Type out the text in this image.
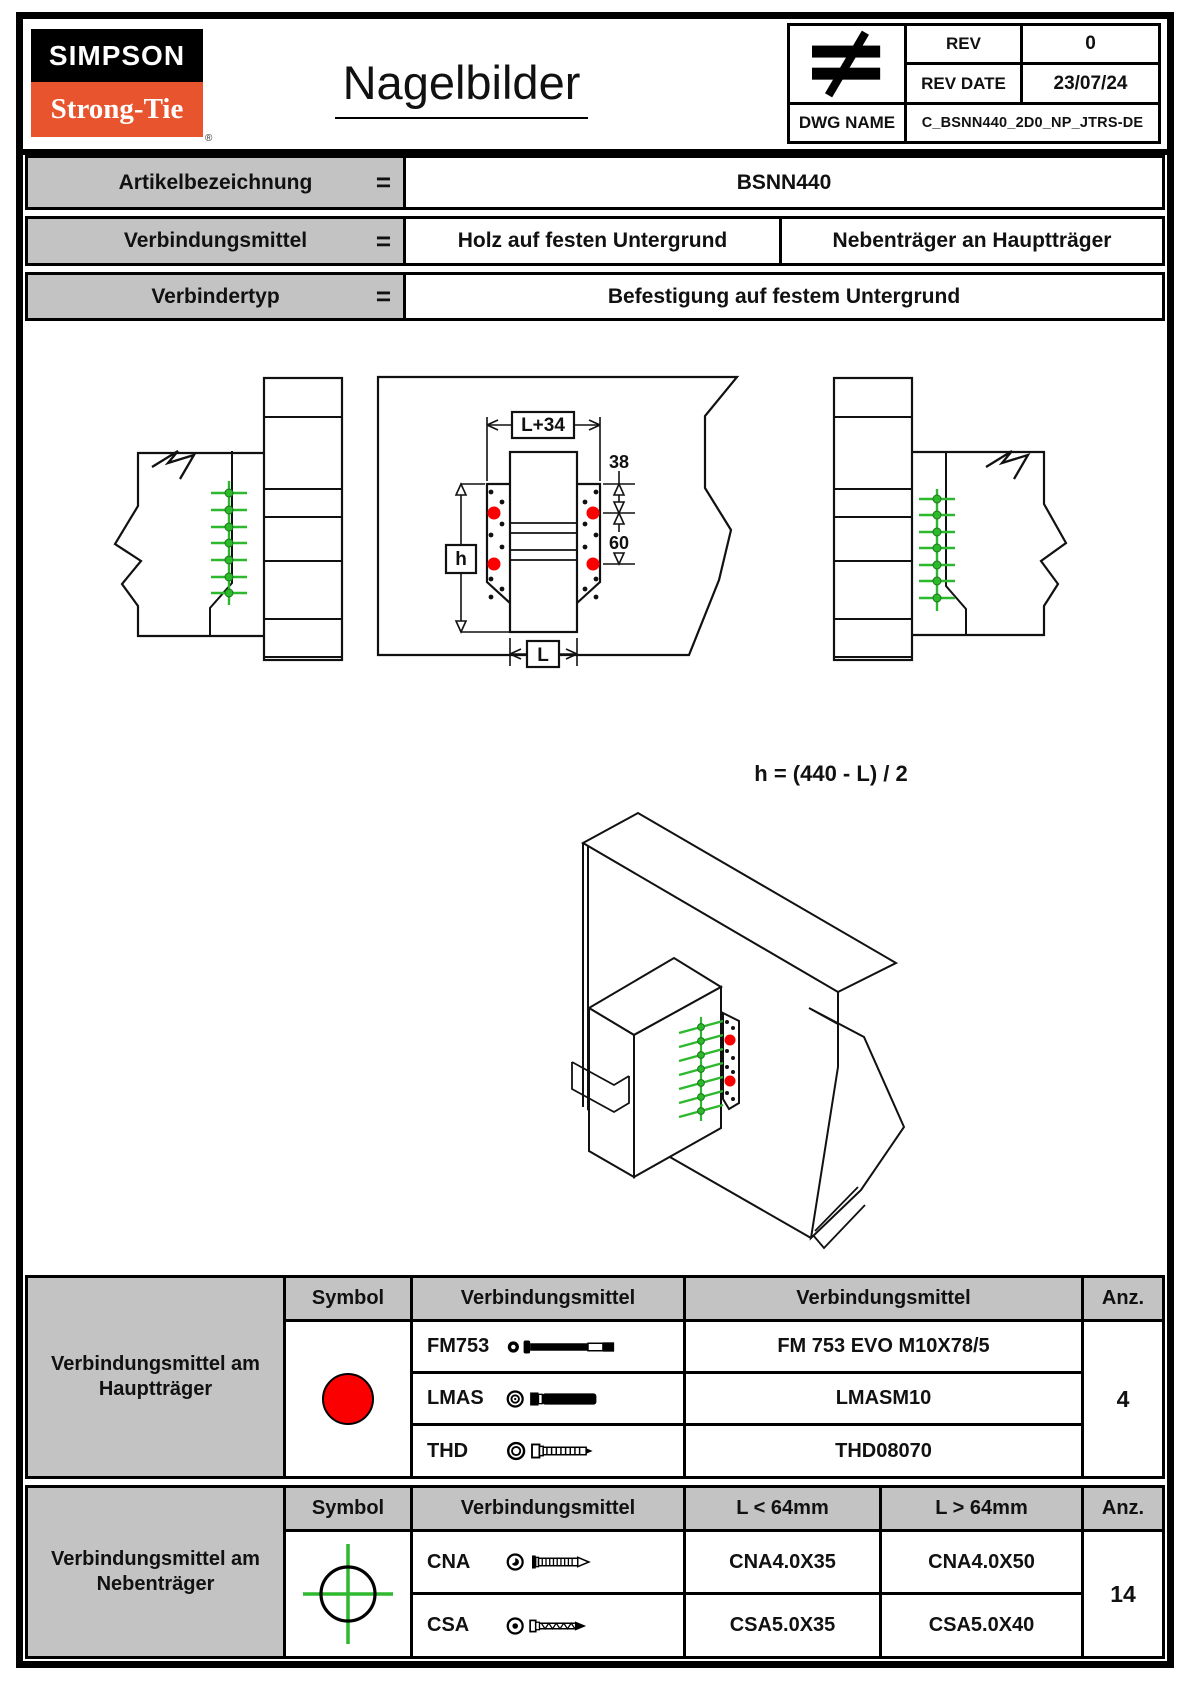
SIMPSON
Strong-Tie
®
Nagelbilder
REV	0
REV DATE	23/07/24
DWG NAME	C_BSNN440_2D0_NP_JTRS-DE
Artikelbezeichnung =	BSNN440
Verbindungsmittel	=	Holz auf festen Untergrund	Nebenträger an Hauptträger
Verbindertyp	=	Befestigung auf festem Untergrund
L+34
h
L
38
60
h = (440 - L) / 2
Verbindungsmittel am Hauptträger
Symbol	Verbindungsmittel	Verbindungsmittel	Anz.
FM753	FM 753 EVO M10X78/5
LMAS	LMASM10
THD	THD08070
4
Verbindungsmittel am Nebenträger
Symbol	Verbindungsmittel	L < 64mm	L > 64mm	Anz.
CNA	CNA4.0X35	CNA4.0X50
CSA	CSA5.0X35	CSA5.0X40
14
